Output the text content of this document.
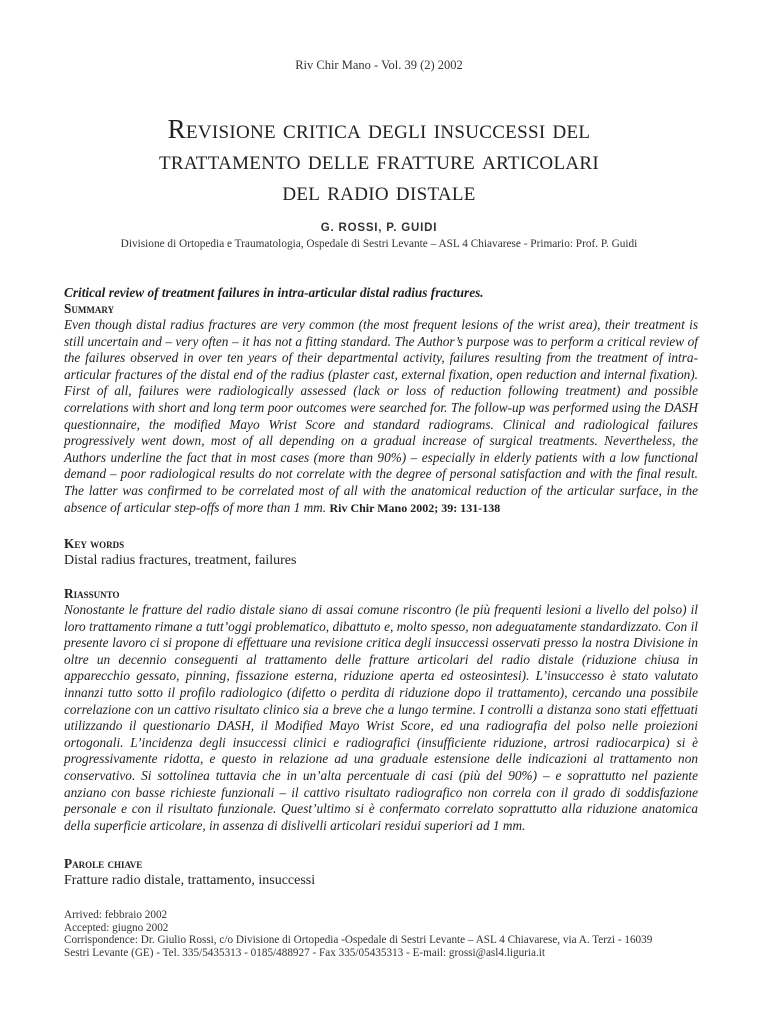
Riv Chir Mano - Vol. 39 (2) 2002
Revisione critica degli insuccessi del
trattamento delle fratture articolari
del radio distale
G. ROSSI, P. GUIDI
Divisione di Ortopedia e Traumatologia, Ospedale di Sestri Levante – ASL 4 Chiavarese - Primario: Prof. P. Guidi
Critical review of treatment failures in intra-articular distal radius fractures.
Summary
Even though distal radius fractures are very common (the most frequent lesions of the wrist area), their treatment is still uncertain and – very often – it has not a fitting standard. The Author’s purpose was to perform a critical review of the failures observed in over ten years of their departmental activity, failures resulting from the treatment of intra-articular fractures of the distal end of the radius (plaster cast, external fixation, open reduction and internal fixation). First of all, failures were radiologically assessed (lack or loss of reduction following treatment) and possible correlations with short and long term poor outcomes were searched for. The follow-up was performed using the DASH questionnaire, the modified Mayo Wrist Score and standard radiograms. Clinical and radiological failures progressively went down, most of all depending on a gradual increase of surgical treatments. Nevertheless, the Authors underline the fact that in most cases (more than 90%) – especially in elderly patients with a low functional demand – poor radiological results do not correlate with the degree of personal satisfaction and with the final result. The latter was confirmed to be correlated most of all with the anatomical reduction of the articular surface, in the absence of articular step-offs of more than 1 mm. Riv Chir Mano 2002; 39: 131-138
Key words
Distal radius fractures, treatment, failures
Riassunto
Nonostante le fratture del radio distale siano di assai comune riscontro (le più frequenti lesioni a livello del polso) il loro trattamento rimane a tutt’oggi problematico, dibattuto e, molto spesso, non adeguatamente standardizzato. Con il presente lavoro ci si propone di effettuare una revisione critica degli insuccessi osservati presso la nostra Divisione in oltre un decennio conseguenti al trattamento delle fratture articolari del radio distale (riduzione chiusa in apparecchio gessato, pinning, fissazione esterna, riduzione aperta ed osteosintesi). L’insuccesso è stato valutato innanzi tutto sotto il profilo radiologico (difetto o perdita di riduzione dopo il trattamento), cercando una possibile correlazione con un cattivo risultato clinico sia a breve che a lungo termine. I controlli a distanza sono stati effettuati utilizzando il questionario DASH, il Modified Mayo Wrist Score, ed una radiografia del polso nelle proiezioni ortogonali. L’incidenza degli insuccessi clinici e radiografici (insufficiente riduzione, artrosi radiocarpica) si è progressivamente ridotta, e questo in relazione ad una graduale estensione delle indicazioni al trattamento non conservativo. Si sottolinea tuttavia che in un’alta percentuale di casi (più del 90%) – e soprattutto nel paziente anziano con basse richieste funzionali – il cattivo risultato radiografico non correla con il grado di soddisfazione personale e con il risultato funzionale. Quest’ultimo si è confermato correlato soprattutto alla riduzione anatomica della superficie articolare, in assenza di dislivelli articolari residui superiori ad 1 mm.
Parole chiave
Fratture radio distale, trattamento, insuccessi
Arrived: febbraio 2002
Accepted: giugno 2002
Corrispondence: Dr. Giulio Rossi, c/o Divisione di Ortopedia -Ospedale di Sestri Levante – ASL 4 Chiavarese, via A. Terzi - 16039
Sestri Levante (GE) - Tel. 335/5435313 - 0185/488927 - Fax 335/05435313 - E-mail: grossi@asl4.liguria.it
